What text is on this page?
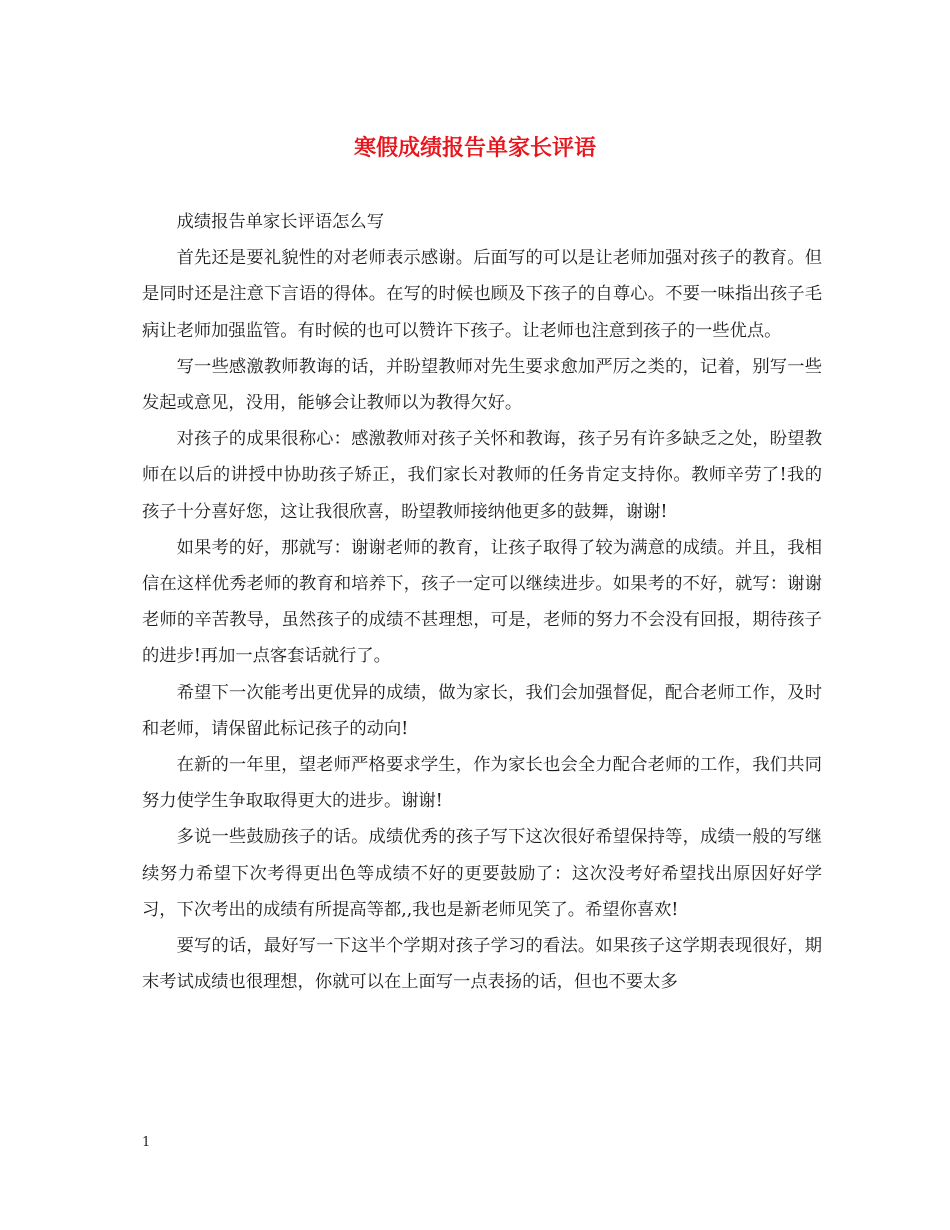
寒假成绩报告单家长评语

成绩报告单家长评语怎么写

首先还是要礼貌性的对老师表示感谢。后面写的可以是让老师加强对孩子的教育。但是同时还是注意下言语的得体。在写的时候也顾及下孩子的自尊心。不要一味指出孩子毛病让老师加强监管。有时候的也可以赞许下孩子。让老师也注意到孩子的一些优点。

写一些感激教师教诲的话，并盼望教师对先生要求愈加严厉之类的，记着，别写一些发起或意见，没用，能够会让教师以为教得欠好。

对孩子的成果很称心：感激教师对孩子关怀和教诲，孩子另有许多缺乏之处，盼望教师在以后的讲授中协助孩子矫正，我们家长对教师的任务肯定支持你。教师辛劳了!我的孩子十分喜好您，这让我很欣喜，盼望教师接纳他更多的鼓舞，谢谢!

如果考的好，那就写：谢谢老师的教育，让孩子取得了较为满意的成绩。并且，我相信在这样优秀老师的教育和培养下，孩子一定可以继续进步。如果考的不好，就写：谢谢老师的辛苦教导，虽然孩子的成绩不甚理想，可是，老师的努力不会没有回报，期待孩子的进步!再加一点客套话就行了。

希望下一次能考出更优异的成绩，做为家长，我们会加强督促，配合老师工作，及时和老师，请保留此标记孩子的动向!

在新的一年里，望老师严格要求学生，作为家长也会全力配合老师的工作，我们共同努力使学生争取取得更大的进步。谢谢!

多说一些鼓励孩子的话。成绩优秀的孩子写下这次很好希望保持等，成绩一般的写继续努力希望下次考得更出色等成绩不好的更要鼓励了：这次没考好希望找出原因好好学习，下次考出的成绩有所提高等都,,我也是新老师见笑了。希望你喜欢!

要写的话，最好写一下这半个学期对孩子学习的看法。如果孩子这学期表现很好，期末考试成绩也很理想，你就可以在上面写一点表扬的话，但也不要太多

1
